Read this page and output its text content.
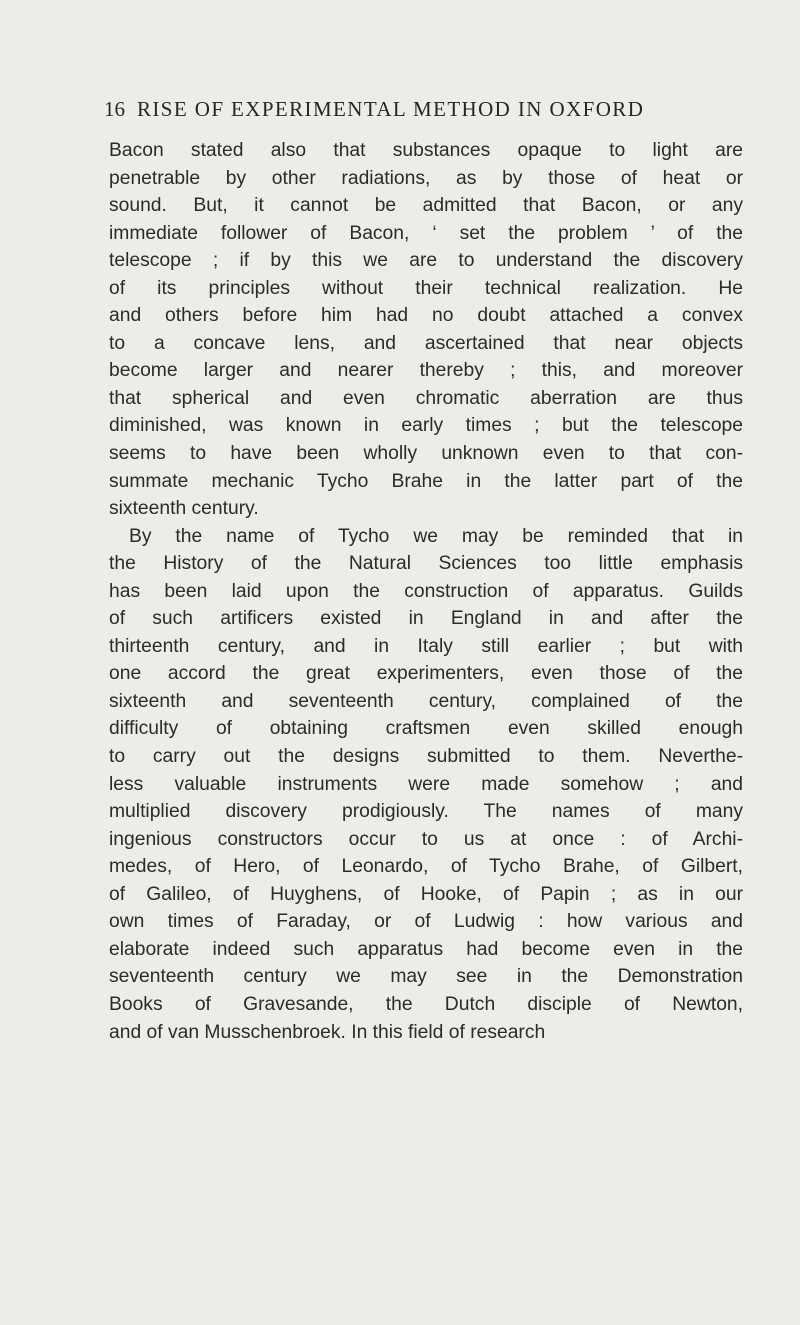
16 RISE OF EXPERIMENTAL METHOD IN OXFORD
Bacon stated also that substances opaque to light are
penetrable by other radiations, as by those of heat or
sound. But, it cannot be admitted that Bacon, or any
immediate follower of Bacon, ‘ set the problem ’ of the
telescope ; if by this we are to understand the discovery
of its principles without their technical realization. He
and others before him had no doubt attached a convex
to a concave lens, and ascertained that near objects
become larger and nearer thereby ; this, and moreover
that spherical and even chromatic aberration are thus
diminished, was known in early times ; but the telescope
seems to have been wholly unknown even to that con-
summate mechanic Tycho Brahe in the latter part of the
sixteenth century.
By the name of Tycho we may be reminded that in
the History of the Natural Sciences too little emphasis
has been laid upon the construction of apparatus. Guilds
of such artificers existed in England in and after the
thirteenth century, and in Italy still earlier ; but with
one accord the great experimenters, even those of the
sixteenth and seventeenth century, complained of the
difficulty of obtaining craftsmen even skilled enough
to carry out the designs submitted to them. Neverthe-
less valuable instruments were made somehow ; and
multiplied discovery prodigiously. The names of many
ingenious constructors occur to us at once : of Archi-
medes, of Hero, of Leonardo, of Tycho Brahe, of Gilbert,
of Galileo, of Huyghens, of Hooke, of Papin ; as in our
own times of Faraday, or of Ludwig : how various and
elaborate indeed such apparatus had become even in the
seventeenth century we may see in the Demonstration
Books of Gravesande, the Dutch disciple of Newton,
and of van Musschenbroek. In this field of research
